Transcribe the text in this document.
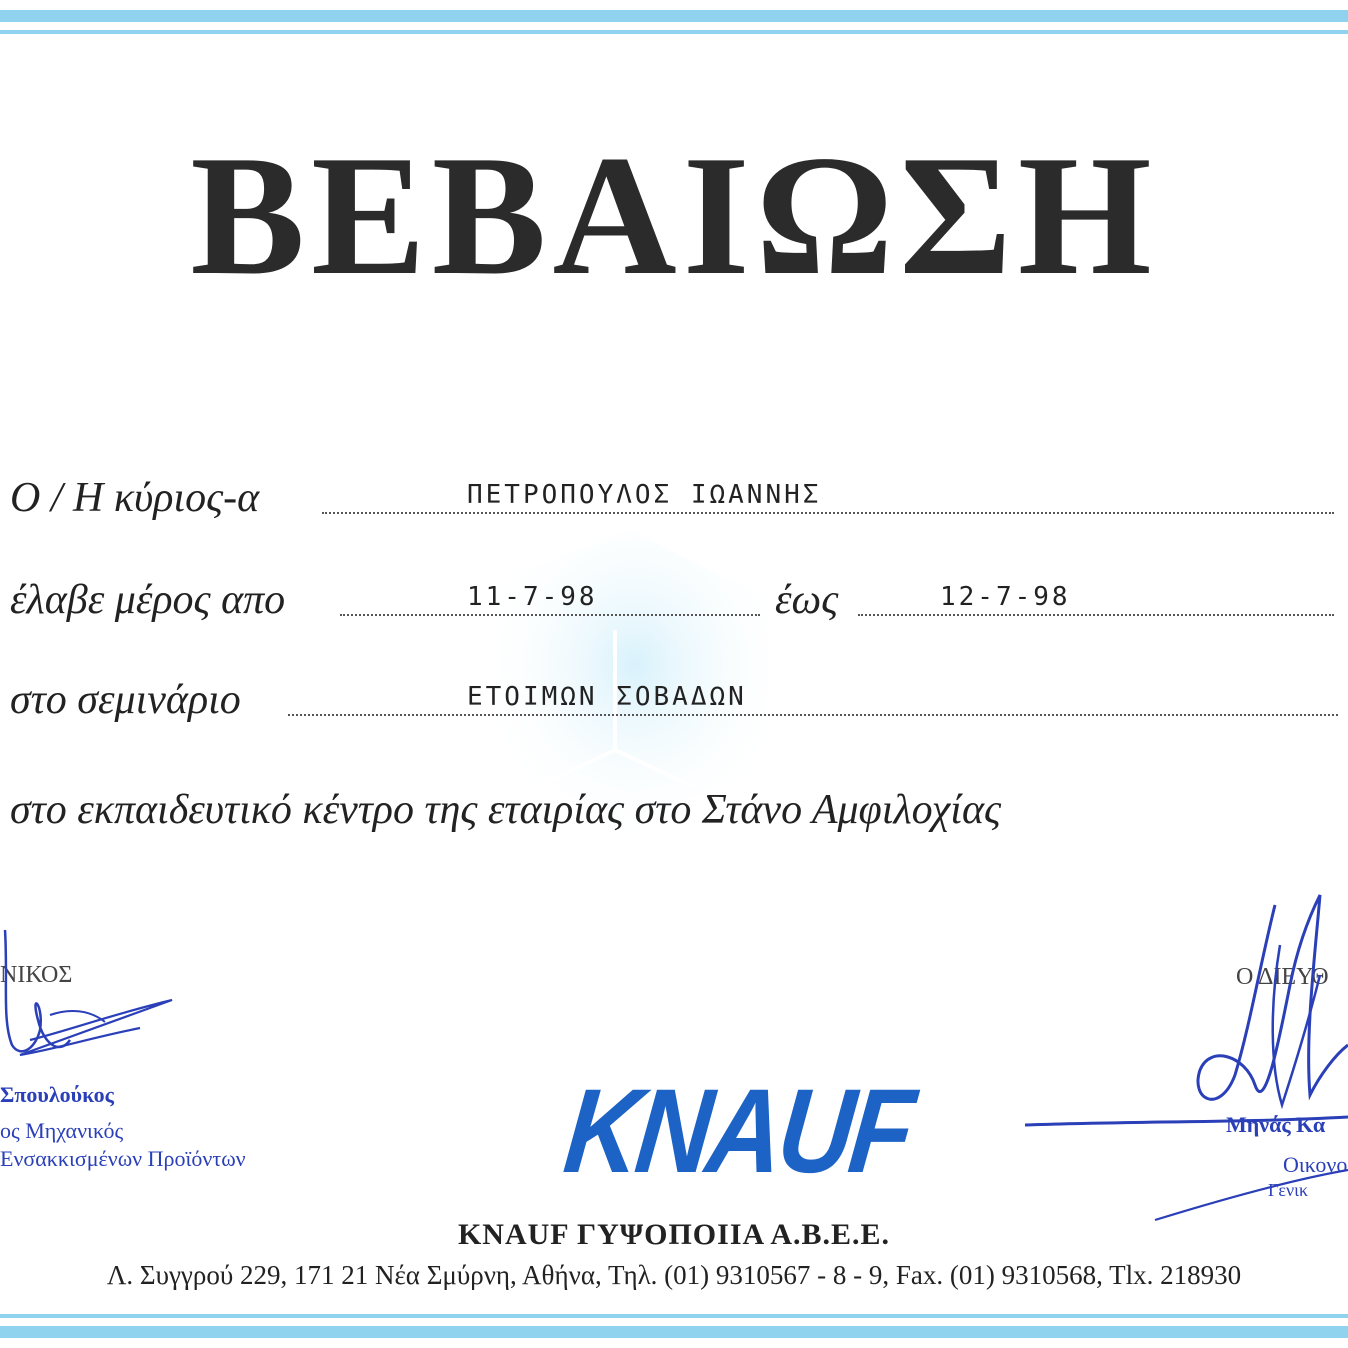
ΒΕΒΑΙΩΣΗ
Ο / Η κύριος-α	ΠΕΤΡΟΠΟΥΛΟΣ ΙΩΑΝΝΗΣ
έλαβε μέρος απο	11-7-98	έως	12-7-98
στο σεμινάριο	ΕΤΟΙΜΩΝ ΣΟΒΑΔΩΝ
στο εκπαιδευτικό κέντρο της εταιρίας στο Στάνο Αμφιλοχίας
ΝΙΚΟΣ
Σπουλούκος
ος Μηχανικός
Ενσακκισμένων Προϊόντων
Ο ΔΙΕΥΘ
Μηνάς Κα
Οικονο
Γενικ
KNAUF
KNAUF ΓΥΨΟΠΟΙΙΑ Α.Β.Ε.Ε.
Λ. Συγγρού 229, 171 21 Νέα Σμύρνη, Αθήνα, Τηλ. (01) 9310567 - 8 - 9, Fax. (01) 9310568, Tlx. 218930
